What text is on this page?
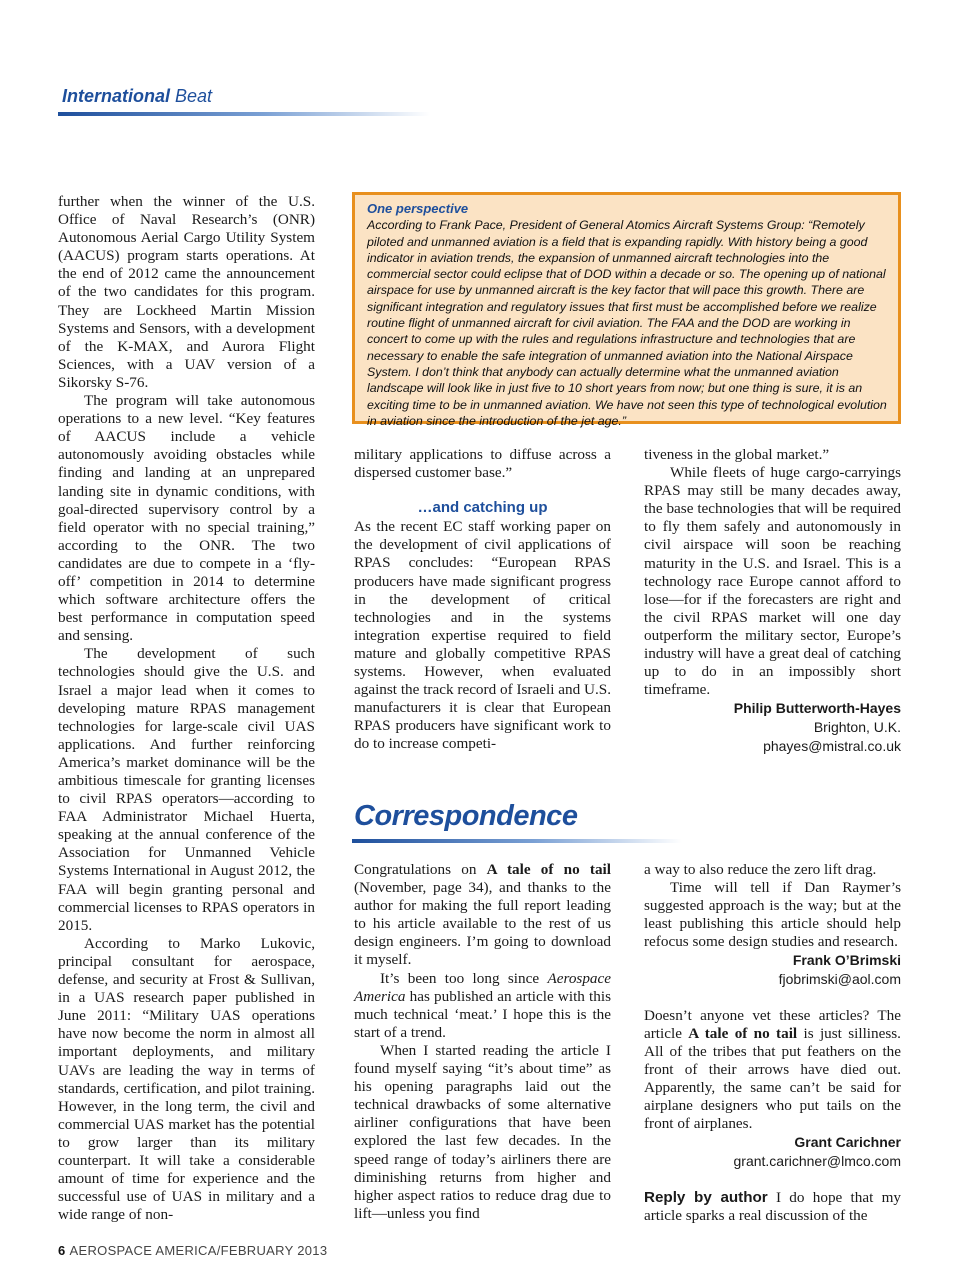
International Beat

further when the winner of the U.S. Office of Naval Research’s (ONR) Autonomous Aerial Cargo Utility System (AACUS) program starts operations. At the end of 2012 came the announcement of the two candidates for this program. They are Lockheed Martin Mission Systems and Sensors, with a development of the K-MAX, and Aurora Flight Sciences, with a UAV version of a Sikorsky S-76.

The program will take autonomous operations to a new level. “Key features of AACUS include a vehicle autonomously avoiding obstacles while finding and landing at an unprepared landing site in dynamic conditions, with goal-directed supervisory control by a field operator with no special training,” according to the ONR. The two candidates are due to compete in a ‘fly-off’ competition in 2014 to determine which software architecture offers the best performance in computation speed and sensing.

The development of such technologies should give the U.S. and Israel a major lead when it comes to developing mature RPAS management technologies for large-scale civil UAS applications. And further reinforcing America’s market dominance will be the ambitious timescale for granting licenses to civil RPAS operators—according to FAA Administrator Michael Huerta, speaking at the annual conference of the Association for Unmanned Vehicle Systems International in August 2012, the FAA will begin granting personal and commercial licenses to RPAS operators in 2015.

According to Marko Lukovic, principal consultant for aerospace, defense, and security at Frost & Sullivan, in a UAS research paper published in June 2011: “Military UAS operations have now become the norm in almost all important deployments, and military UAVs are leading the way in terms of standards, certification, and pilot training. However, in the long term, the civil and commercial UAS market has the potential to grow larger than its military counterpart. It will take a considerable amount of time for experience and the successful use of UAS in military and a wide range of non-

One perspective
According to Frank Pace, President of General Atomics Aircraft Systems Group: “Remotely piloted and unmanned aviation is a field that is expanding rapidly. With history being a good indicator in aviation trends, the expansion of unmanned aircraft technologies into the commercial sector could eclipse that of DOD within a decade or so. The opening up of national airspace for use by unmanned aircraft is the key factor that will pace this growth. There are significant integration and regulatory issues that first must be accomplished before we realize routine flight of unmanned aircraft for civil aviation. The FAA and the DOD are working in concert to come up with the rules and regulations infrastructure and technologies that are necessary to enable the safe integration of unmanned aviation into the National Airspace System. I don’t think that anybody can actually determine what the unmanned aviation landscape will look like in just five to 10 short years from now; but one thing is sure, it is an exciting time to be in unmanned aviation. We have not seen this type of technological evolution in aviation since the introduction of the jet age.”

military applications to diffuse across a dispersed customer base.”

…and catching up

As the recent EC staff working paper on the development of civil applications of RPAS concludes: “European RPAS producers have made significant progress in the development of critical technologies and in the systems integration expertise required to field mature and globally competitive RPAS systems. However, when evaluated against the track record of Israeli and U.S. manufacturers it is clear that European RPAS producers have significant work to do to increase competi-

tiveness in the global market.”

While fleets of huge cargo-carryings RPAS may still be many decades away, the base technologies that will be required to fly them safely and autonomously in civil airspace will soon be reaching maturity in the U.S. and Israel. This is a technology race Europe cannot afford to lose—for if the forecasters are right and the civil RPAS market will one day outperform the military sector, Europe’s industry will have a great deal of catching up to do in an impossibly short timeframe.

Philip Butterworth-Hayes
Brighton, U.K.
phayes@mistral.co.uk
Correspondence

Congratulations on A tale of no tail (November, page 34), and thanks to the author for making the full report leading to his article available to the rest of us design engineers. I’m going to download it myself.

It’s been too long since Aerospace America has published an article with this much technical ‘meat.’ I hope this is the start of a trend.

When I started reading the article I found myself saying “it’s about time” as his opening paragraphs laid out the technical drawbacks of some alternative airliner configurations that have been explored the last few decades. In the speed range of today’s airliners there are diminishing returns from higher and higher aspect ratios to reduce drag due to lift—unless you find

a way to also reduce the zero lift drag.

Time will tell if Dan Raymer’s suggested approach is the way; but at the least publishing this article should help refocus some design studies and research.
Frank O’Brimski

fjobrimski@aol.com

Doesn’t anyone vet these articles? The article A tale of no tail is just silliness. All of the tribes that put feathers on the front of their arrows have died out. Apparently, the same can’t be said for airplane designers who put tails on the front of airplanes.

Grant Carichner
grant.carichner@lmco.com

Reply by author I do hope that my article sparks a real discussion of the

6 AEROSPACE AMERICA/FEBRUARY 2013
